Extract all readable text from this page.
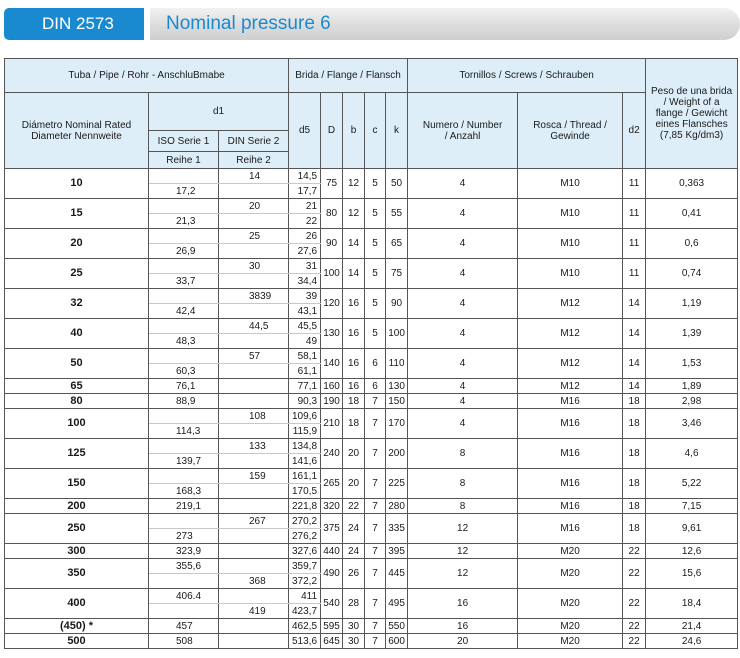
DIN 2573	Nominal pressure 6
Tuba / Pipe / Rohr - AnschluBmabe			Brida / Flange / Flansch					Tornillos / Screws / Schrauben			Peso de una brida / Weight of a flange / Gewicht eines Flansches (7,85 Kg/dm3)
Diámetro Nominal Rated Diameter Nennweite	d1		d5	D	b	c	k	Numero / Number / Anzahl	Rosca / Thread / Gewinde	d2	
	ISO Serie 1	DIN Serie 2									
	Reihe 1	Reihe 2									
10		14	14,5	75	12	5	50	4	M10	11	0,363
	17,2		17,7								
15		20	21	80	12	5	55	4	M10	11	0,41
	21,3		22								
20		25	26	90	14	5	65	4	M10	11	0,6
	26,9		27,6								
25		30	31	100	14	5	75	4	M10	11	0,74
	33,7		34,4								
32		3839	39	120	16	5	90	4	M12	14	1,19
	42,4		43,1								
40		44,5	45,5	130	16	5	100	4	M12	14	1,39
	48,3		49								
50		57	58,1	140	16	6	110	4	M12	14	1,53
	60,3		61,1								
65	76,1		77,1	160	16	6	130	4	M12	14	1,89
80	88,9		90,3	190	18	7	150	4	M16	18	2,98
100		108	109,6	210	18	7	170	4	M16	18	3,46
	114,3		115,9								
125		133	134,8	240	20	7	200	8	M16	18	4,6
	139,7		141,6								
150		159	161,1	265	20	7	225	8	M16	18	5,22
	168,3		170,5								
200	219,1		221,8	320	22	7	280	8	M16	18	7,15
250		267	270,2	375	24	7	335	12	M16	18	9,61
	273		276,2								
300	323,9		327,6	440	24	7	395	12	M20	22	12,6
350	355,6		359,7	490	26	7	445	12	M20	22	15,6
		368	372,2								
400	406.4		411	540	28	7	495	16	M20	22	18,4
		419	423,7								
(450) *	457		462,5	595	30	7	550	16	M20	22	21,4
500	508		513,6	645	30	7	600	20	M20	22	24,6
